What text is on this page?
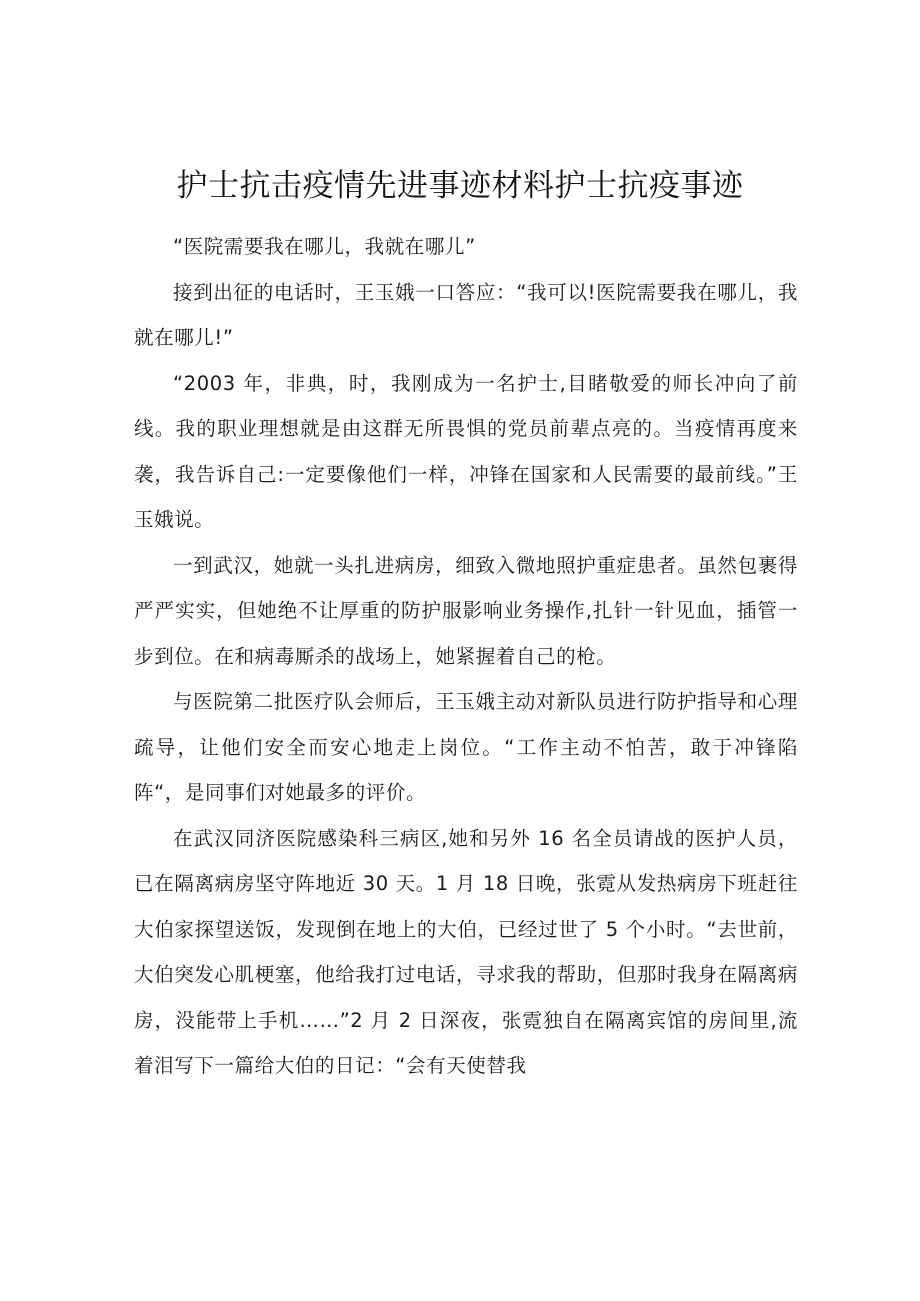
护士抗击疫情先进事迹材料护士抗疫事迹

“医院需要我在哪儿，我就在哪儿”

接到出征的电话时，王玉娥一口答应：“我可以!医院需要我在哪儿，我就在哪儿!”

“2003 年，非典，时，我刚成为一名护士,目睹敬爱的师长冲向了前线。我的职业理想就是由这群无所畏惧的党员前辈点亮的。当疫情再度来袭，我告诉自己:一定要像他们一样，冲锋在国家和人民需要的最前线。”王玉娥说。

一到武汉，她就一头扎进病房，细致入微地照护重症患者。虽然包裹得严严实实，但她绝不让厚重的防护服影响业务操作,扎针一针见血，插管一步到位。在和病毒厮杀的战场上，她紧握着自己的枪。

与医院第二批医疗队会师后，王玉娥主动对新队员进行防护指导和心理疏导，让他们安全而安心地走上岗位。“工作主动不怕苦，敢于冲锋陷阵“，是同事们对她最多的评价。

在武汉同济医院感染科三病区,她和另外 16 名全员请战的医护人员，已在隔离病房坚守阵地近 30 天。1 月 18 日晚，张霓从发热病房下班赶往大伯家探望送饭，发现倒在地上的大伯，已经过世了 5 个小时。“去世前，大伯突发心肌梗塞，他给我打过电话，寻求我的帮助，但那时我身在隔离病房，没能带上手机……”2 月 2 日深夜，张霓独自在隔离宾馆的房间里,流着泪写下一篇给大伯的日记：“会有天使替我
